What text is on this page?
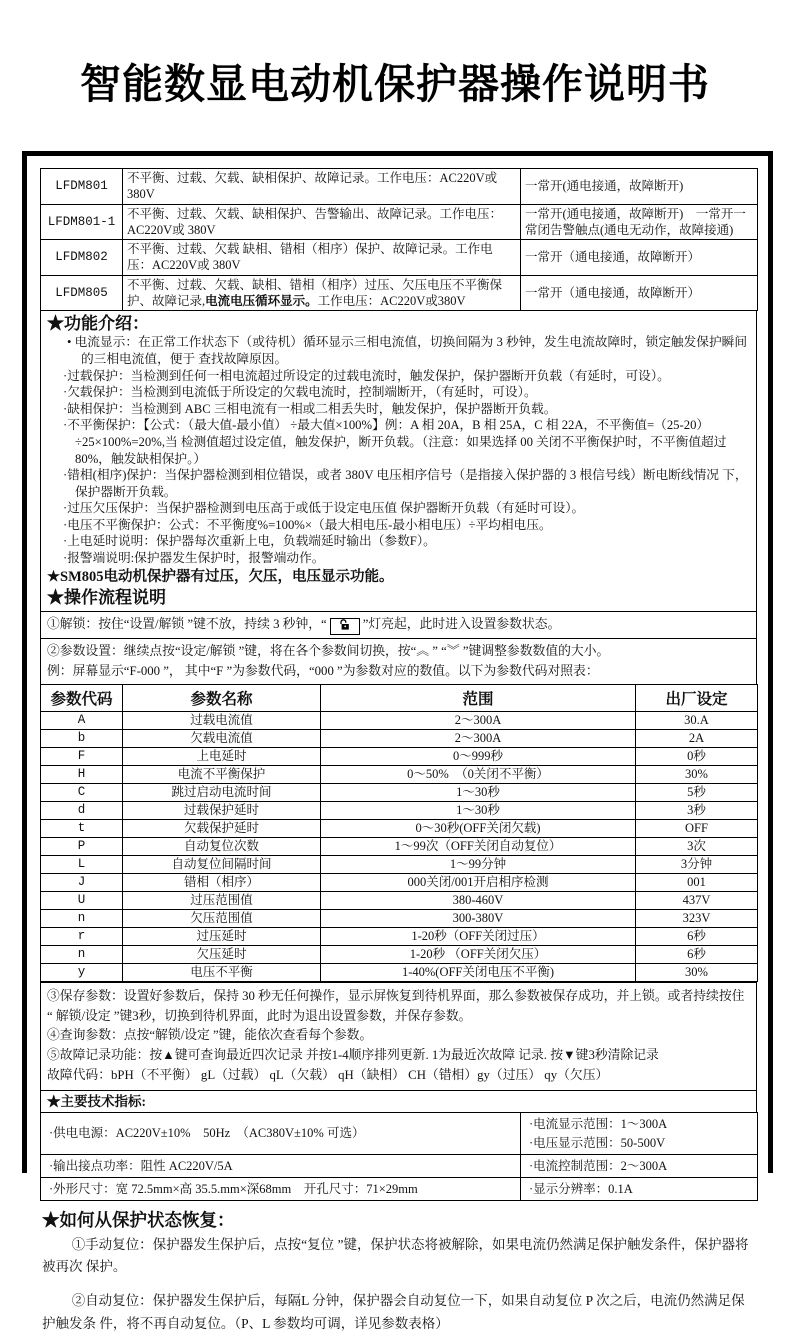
智能数显电动机保护器操作说明书
LFDM801	不平衡、过载、欠载、缺相保护、故障记录。工作电压：AC220V或380V	一常开(通电接通，故障断开)
LFDM801-1	不平衡、过载、欠载、缺相保护、告警输出、故障记录。工作电压：AC220V或 380V	一常开(通电接通，故障断开)　一常开一常闭告警触点(通电无动作，故障接通)
LFDM802	不平衡、过载、欠载 缺相、错相（相序）保护、故障记录。工作电压：AC220V或 380V	一常开（通电接通，故障断开）
LFDM805	不平衡、过载、欠载、缺相、错相（相序）过压、欠压电压不平衡保护、故障记录,电流电压循环显示。工作电压：AC220V或380V	一常开（通电接通，故障断开）

★功能介绍：

• 电流显示：在正常工作状态下（或待机）循环显示三相电流值，切换间隔为 3 秒钟，发生电流故障时，锁定触发保护瞬间的三相电流值，便于 查找故障原因。

·过载保护：当检测到任何一相电流超过所设定的过载电流时，触发保护，保护器断开负载（有延时，可设）。

·欠载保护：当检测到电流低于所设定的欠载电流时，控制端断开，（有延时，可设）。

·缺相保护：当检测到 ABC 三相电流有一相或二相丢失时，触发保护，保护器断开负载。

·不平衡保护：【公式：（最大值-最小值） ÷最大值×100%】例：A 相 20A，B 相 25A，C 相 22A，不平衡值=（25-20）÷25×100%=20%,当 检测值超过设定值，触发保护，断开负载。（注意：如果选择 00 关闭不平衡保护时，不平衡值超过 80%，触发缺相保护。）

·错相(相序)保护：当保护器检测到相位错误，或者 380V 电压相序信号（是指接入保护器的 3 根信号线）断电断线情况 下，保护器断开负载。

·过压欠压保护：当保护器检测到电压高于或低于设定电压值 保护器断开负载（有延时可设）。

·电压不平衡保护：公式：不平衡度%=100%×（最大相电压-最小相电压）÷平均相电压。

·上电延时说明：保护器每次重新上电，负载端延时输出（参数F）。

·报警端说明:保护器发生保护时，报警端动作。

★SM805电动机保护器有过压，欠压，电压显示功能。

★操作流程说明

①解锁：按住“设置/解锁 ”键不放，持续 3 秒钟，“	”灯亮起，此时进入设置参数状态。

②参数设置：继续点按“设定/解锁 ”键，将在各个参数间切换，按“︽ ” “︾ ”键调整参数数值的大小。

例：屏幕显示“F-000 ”， 其中“F ”为参数代码，“000 ”为参数对应的数值。以下为参数代码对照表：

参数代码	参数名称	范围	出厂设定
A	过载电流值	2～300A	30.A
b	欠载电流值	2～300A	2A
F	上电延时	0～999秒	0秒
H	电流不平衡保护	0～50%　（0关闭不平衡）	30%
C	跳过启动电流时间	1～30秒	5秒
d	过载保护延时	1～30秒	3秒
t	欠载保护延时	0～30秒(OFF关闭欠载)	OFF
P	自动复位次数	1～99次（OFF关闭自动复位）	3次
L	自动复位间隔时间	1～99分钟	3分钟
J	错相（相序）	000关闭/001开启相序检测	001
U	过压范围值	380-460V	437V
n	欠压范围值	300-380V	323V
r	过压延时	1-20秒（OFF关闭过压）	6秒
n	欠压延时	1-20秒 （OFF关闭欠压）	6秒
y	电压不平衡	1-40%(OFF关闭电压不平衡)	30%

③保存参数：设置好参数后，保持 30 秒无任何操作，显示屏恢复到待机界面，那么参数被保存成功，并上锁。或者持续按住 “ 解锁/设定 ”键3秒，切换到待机界面，此时为退出设置参数，并保存参数。

④查询参数：点按“解锁/设定 ”键，能依次查看每个参数。

⑤故障记录功能：按▲键可查询最近四次记录 并按1-4顺序排列更新. 1为最近次故障 记录. 按▼键3秒清除记录

故障代码：bPH（不平衡） gL（过载） qL（欠载） qH（缺相） CH（错相）gy（过压） qy（欠压）

★主要技术指标:
·供电电源：AC220V±10%　50Hz　（AC380V±10% 可选）	·电流显示范围：1～300A

·电压显示范围：50-500V

·输出接点功率：阻性 AC220V/5A	·电流控制范围：2～300A
·外形尺寸：宽 72.5mm×高 35.5.mm×深68mm　开孔尺寸：71×29mm	·显示分辨率：0.1A

★如何从保护状态恢复：

①手动复位：保护器发生保护后，点按“复位 ”键，保护状态将被解除，如果电流仍然满足保护触发条件，保护器将被再次 保护。

②自动复位：保护器发生保护后，每隔L 分钟，保护器会自动复位一下，如果自动复位 P 次之后，电流仍然满足保护触发条 件，将不再自动复位。（P、L 参数均可调，详见参数表格）
